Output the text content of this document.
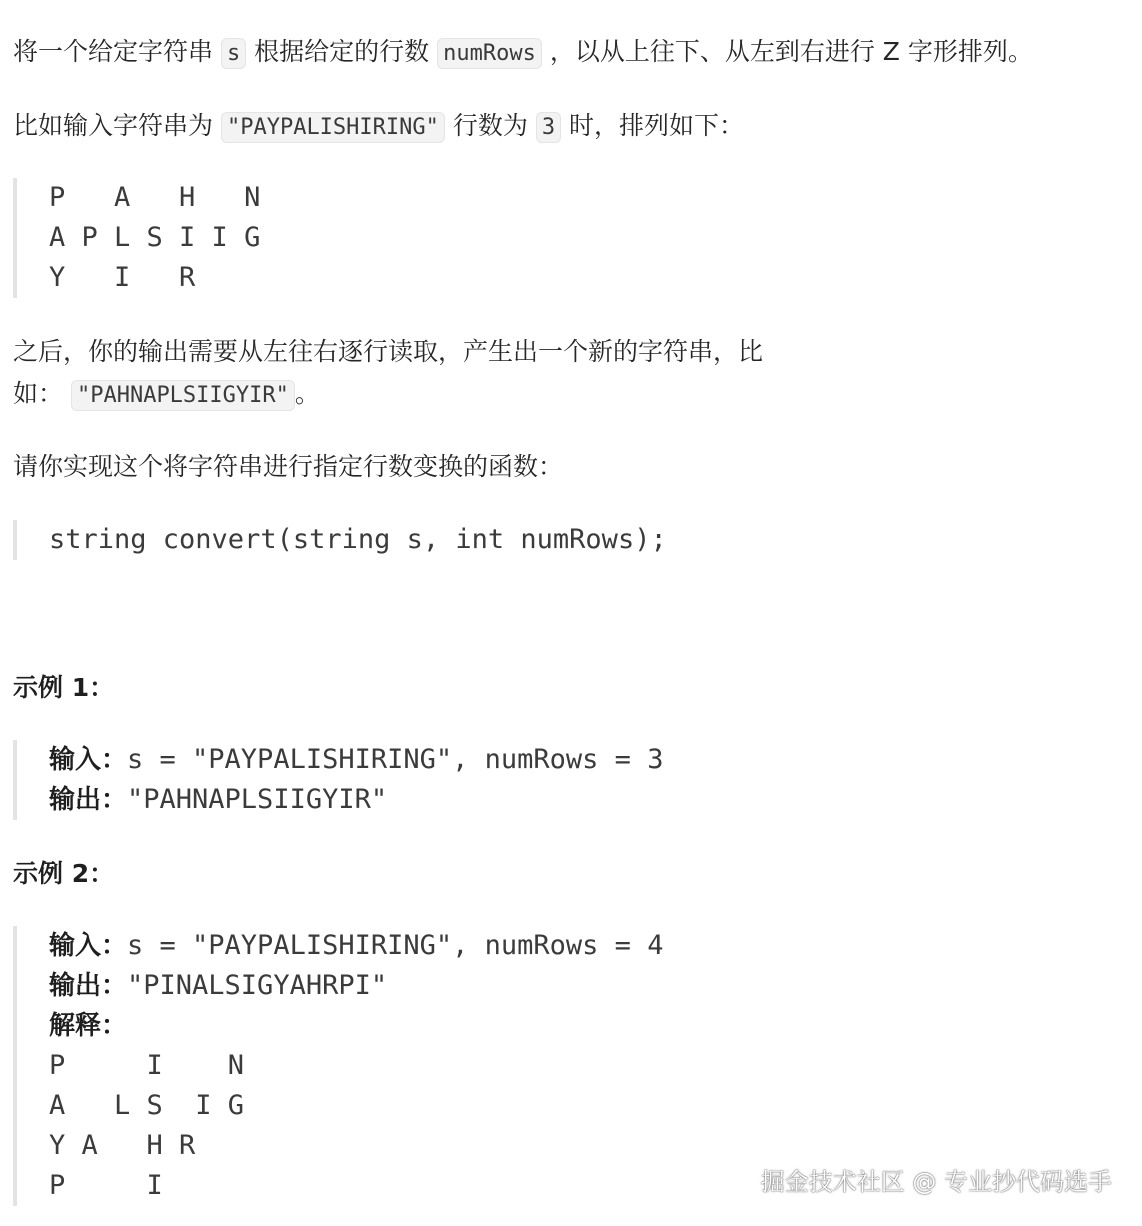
将一个给定字符串 s 根据给定的行数 numRows ，以从上往下、从左到右进行 Z 字形排列。

比如输入字符串为 "PAYPALISHIRING" 行数为 3 时，排列如下：

P   A   H   N
A P L S I I G
Y   I   R

之后，你的输出需要从左往右逐行读取，产生出一个新的字符串，比

如： "PAHNAPLSIIGYIR" 。

请你实现这个将字符串进行指定行数变换的函数：

string convert(string s, int numRows);
示例 1：
输入：s = "PAYPALISHIRING", numRows = 3
输出："PAHNAPLSIIGYIR"
示例 2：
输入：s = "PAYPALISHIRING", numRows = 4
输出："PINALSIGYAHRPI"
解释：
P     I    N
A   L S  I G
Y A   H R
P     I	掘金技术社区 @ 专业抄代码选手
